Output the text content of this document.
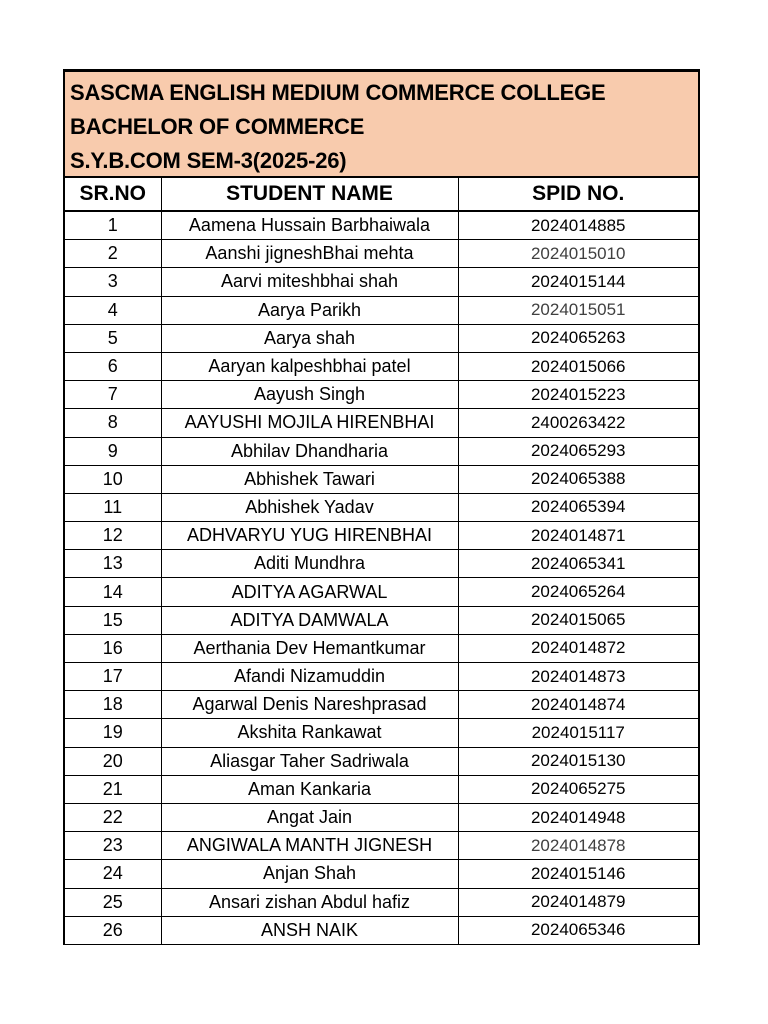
SASCMA ENGLISH MEDIUM COMMERCE COLLEGE
BACHELOR OF COMMERCE
S.Y.B.COM SEM-3(2025-26)
SR.NO	STUDENT NAME	SPID NO.
1	Aamena Hussain Barbhaiwala	2024014885
2	Aanshi jigneshBhai mehta	2024015010
3	Aarvi miteshbhai shah	2024015144
4	Aarya Parikh	2024015051
5	Aarya shah	2024065263
6	Aaryan kalpeshbhai patel	2024015066
7	Aayush Singh	2024015223
8	AAYUSHI MOJILA HIRENBHAI	2400263422
9	Abhilav Dhandharia	2024065293
10	Abhishek Tawari	2024065388
11	Abhishek Yadav	2024065394
12	ADHVARYU YUG HIRENBHAI	2024014871
13	Aditi Mundhra	2024065341
14	ADITYA AGARWAL	2024065264
15	ADITYA DAMWALA	2024015065
16	Aerthania Dev Hemantkumar	2024014872
17	Afandi Nizamuddin	2024014873
18	Agarwal Denis Nareshprasad	2024014874
19	Akshita Rankawat	2024015117
20	Aliasgar Taher Sadriwala	2024015130
21	Aman Kankaria	2024065275
22	Angat Jain	2024014948
23	ANGIWALA MANTH JIGNESH	2024014878
24	Anjan Shah	2024015146
25	Ansari zishan Abdul hafiz	2024014879
26	ANSH NAIK	2024065346
